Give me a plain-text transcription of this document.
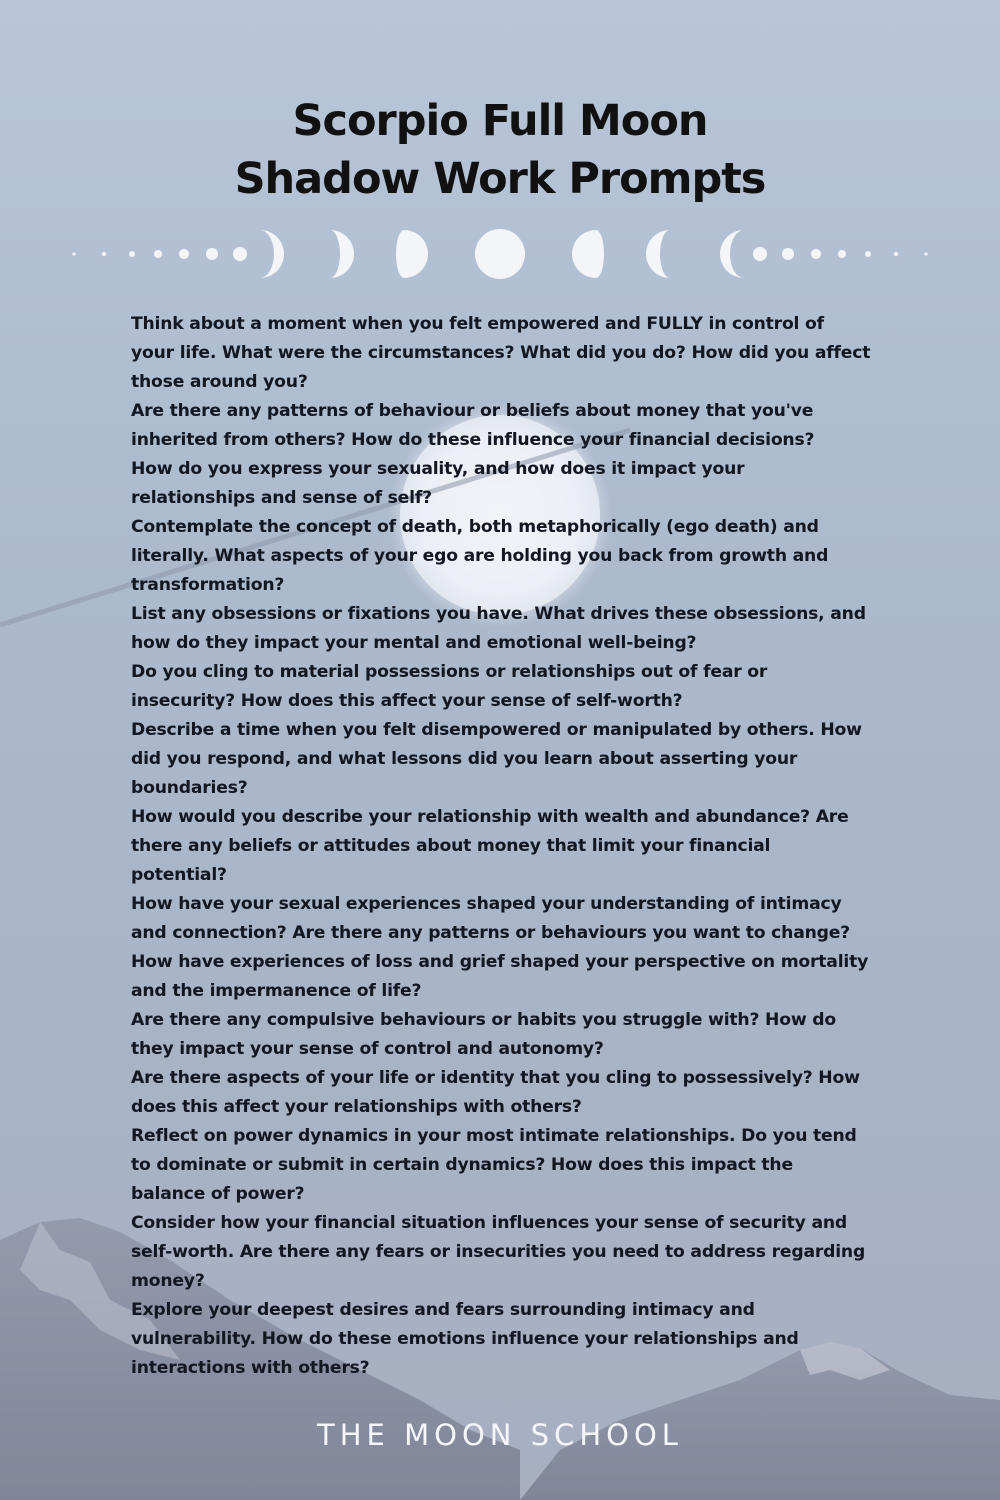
Scorpio Full Moon
Shadow Work Prompts
Think about a moment when you felt empowered and FULLY in control of your life. What were the circumstances? What did you do? How did you affect those around you?
Are there any patterns of behaviour or beliefs about money that you've inherited from others? How do these influence your financial decisions?
How do you express your sexuality, and how does it impact your relationships and sense of self?
Contemplate the concept of death, both metaphorically (ego death) and literally. What aspects of your ego are holding you back from growth and transformation?
List any obsessions or fixations you have. What drives these obsessions, and how do they impact your mental and emotional well-being?
Do you cling to material possessions or relationships out of fear or insecurity? How does this affect your sense of self-worth?
Describe a time when you felt disempowered or manipulated by others. How did you respond, and what lessons did you learn about asserting your boundaries?
How would you describe your relationship with wealth and abundance? Are there any beliefs or attitudes about money that limit your financial potential?
How have your sexual experiences shaped your understanding of intimacy and connection? Are there any patterns or behaviours you want to change?
How have experiences of loss and grief shaped your perspective on mortality and the impermanence of life?
Are there any compulsive behaviours or habits you struggle with? How do they impact your sense of control and autonomy?
Are there aspects of your life or identity that you cling to possessively? How does this affect your relationships with others?
Reflect on power dynamics in your most intimate relationships. Do you tend to dominate or submit in certain dynamics? How does this impact the balance of power?
Consider how your financial situation influences your sense of security and self-worth. Are there any fears or insecurities you need to address regarding money?
Explore your deepest desires and fears surrounding intimacy and vulnerability. How do these emotions influence your relationships and interactions with others?
THE MOON SCHOOL
